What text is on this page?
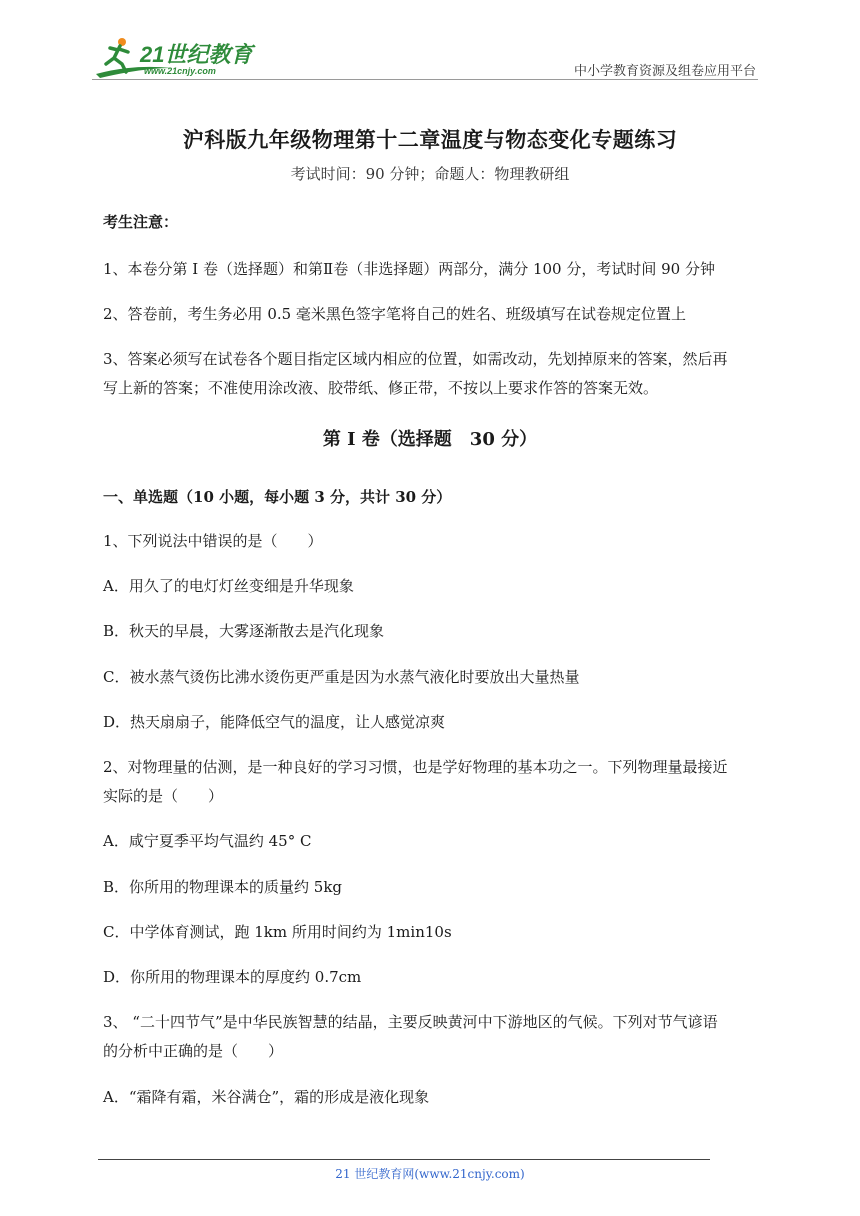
21世纪教育
www.21cnjy.com	中小学教育资源及组卷应用平台
沪科版九年级物理第十二章温度与物态变化专题练习
考试时间：90 分钟；命题人：物理教研组
考生注意：
1、本卷分第 I 卷（选择题）和第Ⅱ卷（非选择题）两部分，满分 100 分，考试时间 90 分钟
2、答卷前，考生务必用 0.5 毫米黑色签字笔将自己的姓名、班级填写在试卷规定位置上
3、答案必须写在试卷各个题目指定区域内相应的位置，如需改动，先划掉原来的答案，然后再
写上新的答案；不准使用涂改液、胶带纸、修正带，不按以上要求作答的答案无效。
第 I 卷（选择题　30 分）
一、单选题（10 小题，每小题 3 分，共计 30 分）
1、下列说法中错误的是（　　）
A．用久了的电灯灯丝变细是升华现象
B．秋天的早晨，大雾逐渐散去是汽化现象
C．被水蒸气烫伤比沸水烫伤更严重是因为水蒸气液化时要放出大量热量
D．热天扇扇子，能降低空气的温度，让人感觉凉爽
2、对物理量的估测，是一种良好的学习习惯，也是学好物理的基本功之一。下列物理量最接近
实际的是（　　）
A．咸宁夏季平均气温约 45° C
B．你所用的物理课本的质量约 5kg
C．中学体育测试，跑 1km 所用时间约为 1min10s
D．你所用的物理课本的厚度约 0.7cm
3、 “二十四节气”是中华民族智慧的结晶，主要反映黄河中下游地区的气候。下列对节气谚语
的分析中正确的是（　　）
A．“霜降有霜，米谷满仓”，霜的形成是液化现象
21 世纪教育网(www.21cnjy.com)
